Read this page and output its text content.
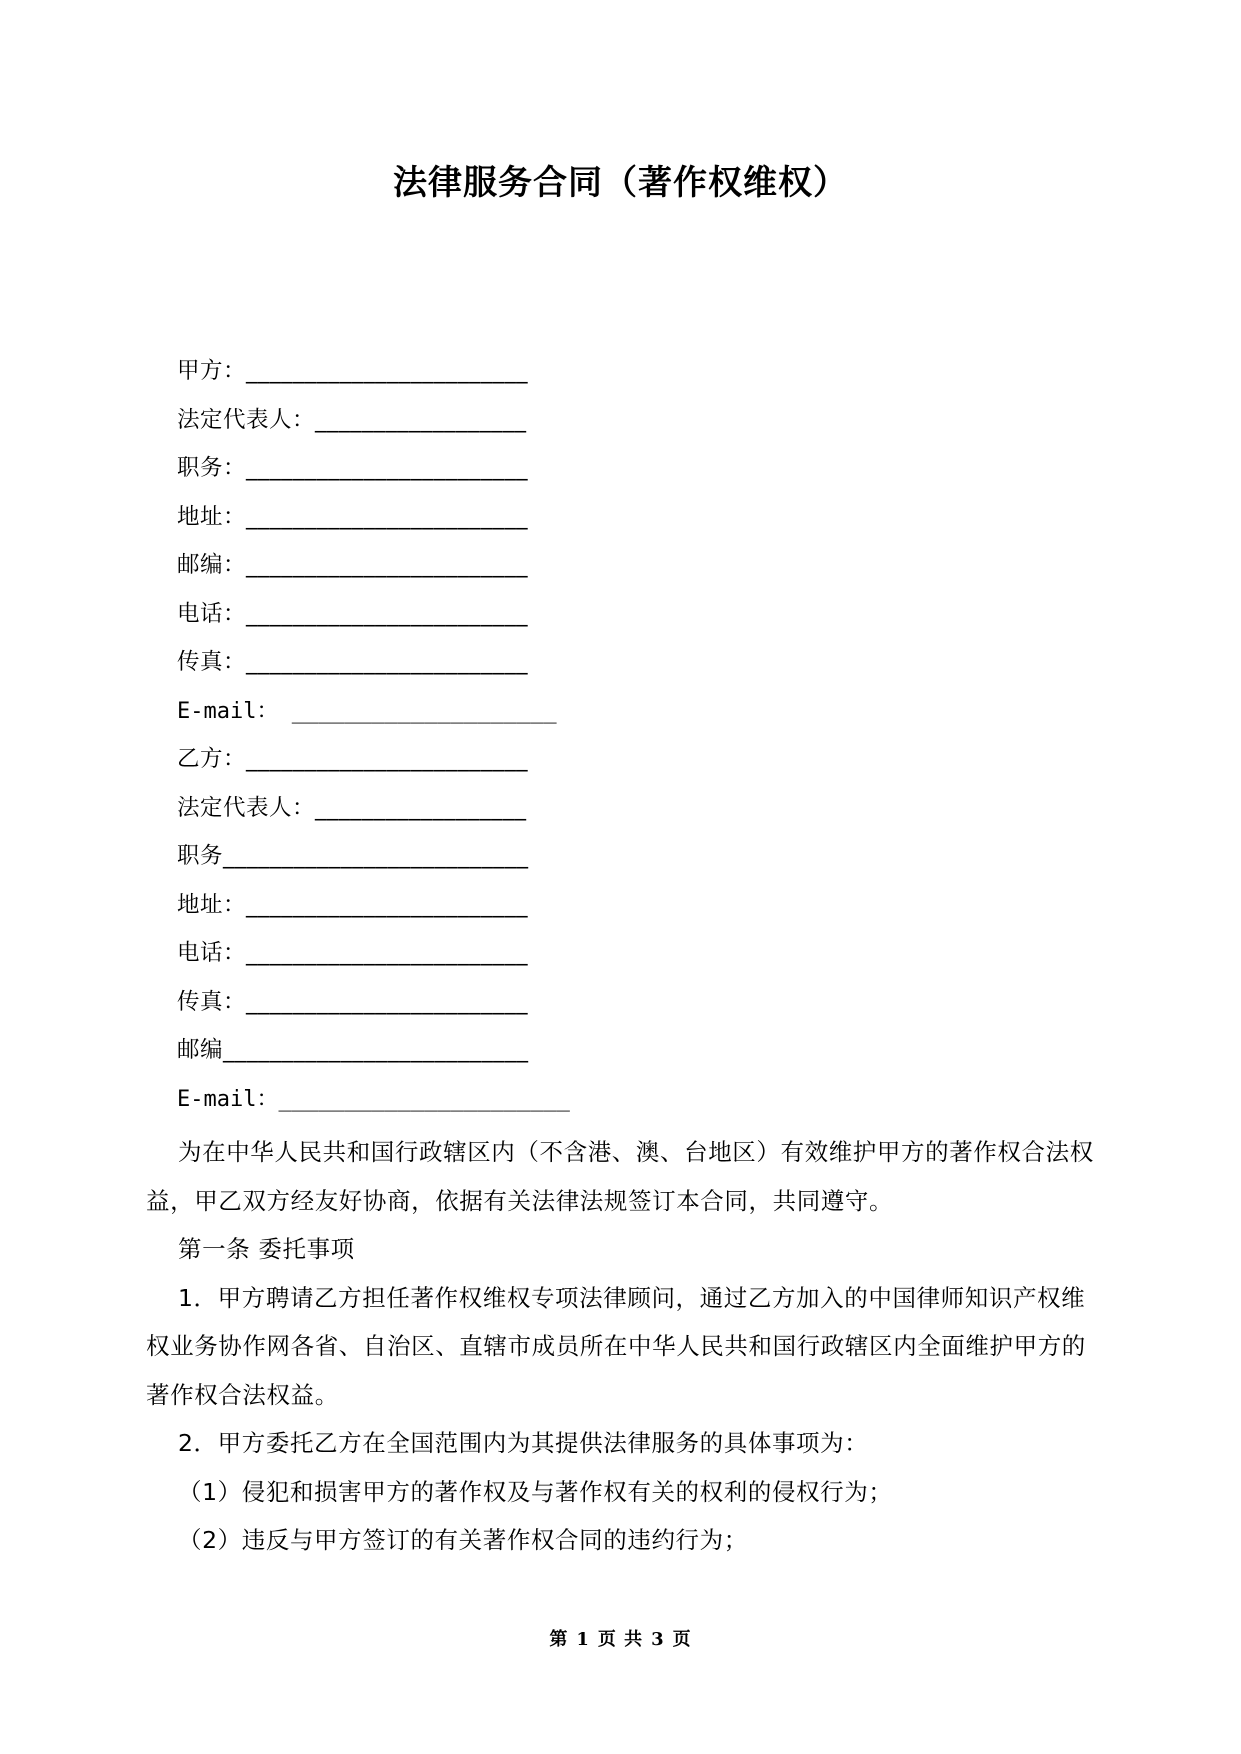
法律服务合同（著作权维权）
甲方：________________________
法定代表人：__________________
职务：________________________
地址：________________________
邮编：________________________
电话：________________________
传真：________________________
E-mail： ____________________
乙方：________________________
法定代表人：__________________
职务__________________________
地址：________________________
电话：________________________
传真：________________________
邮编__________________________
E-mail：______________________

为在中华人民共和国行政辖区内（不含港、澳、台地区）有效维护甲方的著作权合法权益，甲乙双方经友好协商，依据有关法律法规签订本合同，共同遵守。

第一条 委托事项

1．甲方聘请乙方担任著作权维权专项法律顾问，通过乙方加入的中国律师知识产权维权业务协作网各省、自治区、直辖市成员所在中华人民共和国行政辖区内全面维护甲方的著作权合法权益。

2．甲方委托乙方在全国范围内为其提供法律服务的具体事项为：

（1）侵犯和损害甲方的著作权及与著作权有关的权利的侵权行为；

（2）违反与甲方签订的有关著作权合同的违约行为；

第 1 页 共 3 页
